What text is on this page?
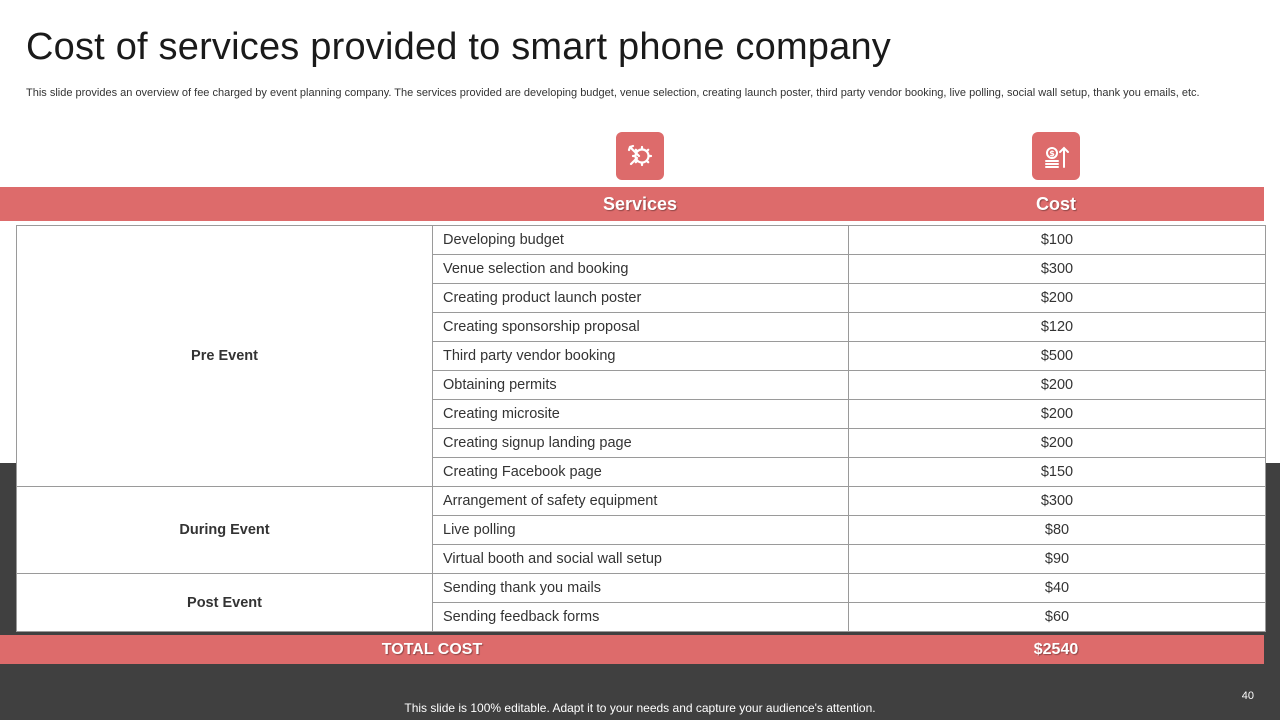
Cost of services provided to smart phone company

This slide provides an overview of fee charged by event planning company. The services provided are developing budget, venue selection, creating launch poster, third party vendor booking, live polling, social wall setup, thank you emails, etc.

$
Services	Cost
Pre Event	Developing budget	$100
	Venue selection and booking	$300
	Creating product launch poster	$200
	Creating sponsorship proposal	$120
	Third party vendor booking	$500
	Obtaining permits	$200
	Creating microsite	$200
	Creating signup landing page	$200
	Creating Facebook page	$150
During Event	Arrangement of safety equipment	$300
	Live polling	$80
	Virtual booth and social wall setup	$90
Post Event	Sending thank you mails	$40
	Sending feedback forms	$60
TOTAL COST	$2540
This slide is 100% editable. Adapt it to your needs and capture your audience's attention.
40
